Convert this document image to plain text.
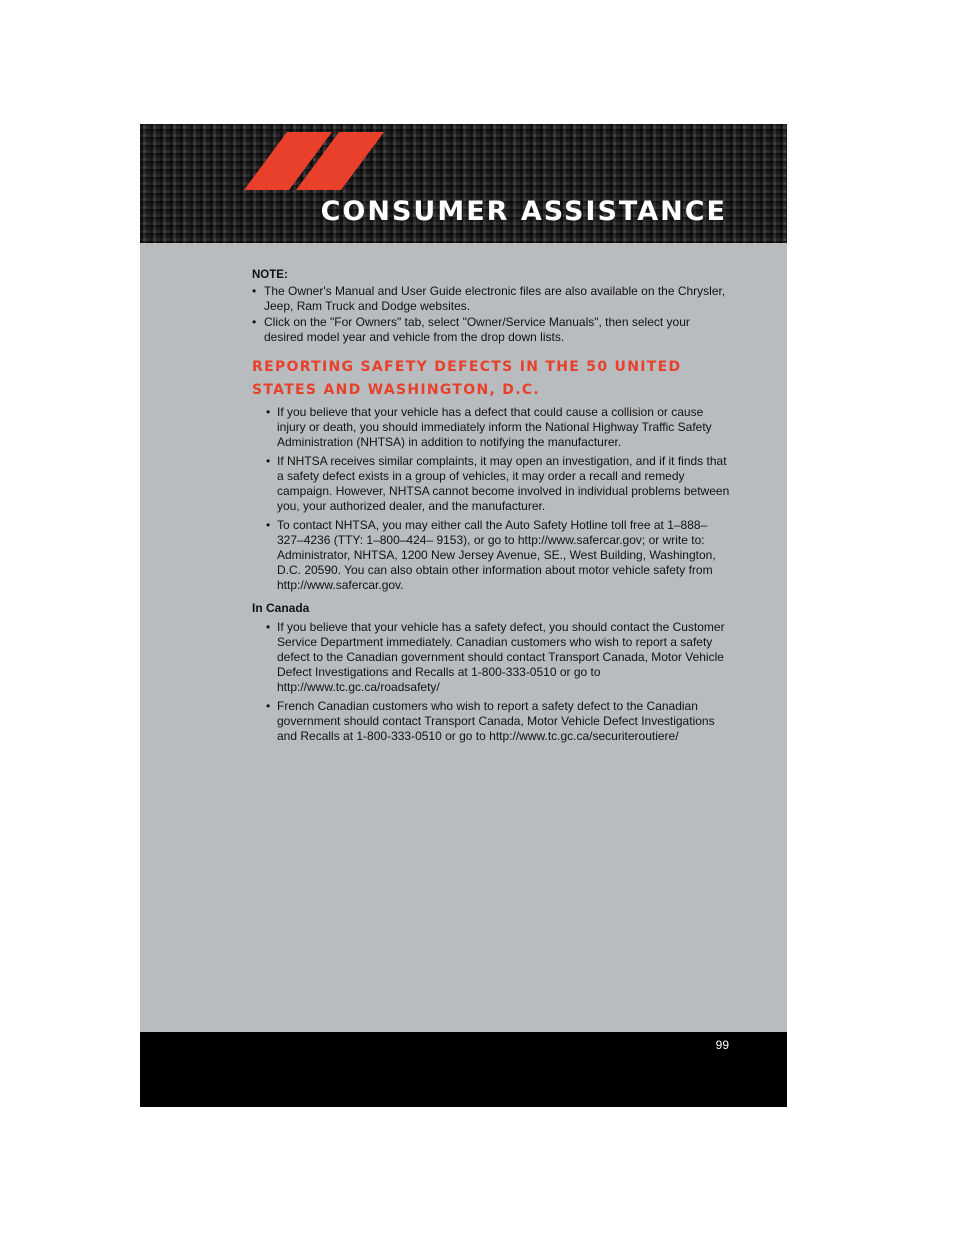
CONSUMER ASSISTANCE
NOTE:
• The Owner's Manual and User Guide electronic files are also available on the Chrysler, Jeep, Ram Truck and Dodge websites.
• Click on the "For Owners" tab, select "Owner/Service Manuals", then select your desired model year and vehicle from the drop down lists.
REPORTING SAFETY DEFECTS IN THE 50 UNITED STATES AND WASHINGTON, D.C.
• If you believe that your vehicle has a defect that could cause a collision or cause injury or death, you should immediately inform the National Highway Traffic Safety Administration (NHTSA) in addition to notifying the manufacturer.
• If NHTSA receives similar complaints, it may open an investigation, and if it finds that a safety defect exists in a group of vehicles, it may order a recall and remedy campaign. However, NHTSA cannot become involved in individual problems between you, your authorized dealer, and the manufacturer.
• To contact NHTSA, you may either call the Auto Safety Hotline toll free at 1–888–327–4236 (TTY: 1–800–424– 9153), or go to http://www.safercar.gov; or write to: Administrator, NHTSA, 1200 New Jersey Avenue, SE., West Building, Washington, D.C. 20590. You can also obtain other information about motor vehicle safety from http://www.safercar.gov.
In Canada
• If you believe that your vehicle has a safety defect, you should contact the Customer Service Department immediately. Canadian customers who wish to report a safety defect to the Canadian government should contact Transport Canada, Motor Vehicle Defect Investigations and Recalls at 1-800-333-0510 or go to http://www.tc.gc.ca/roadsafety/
• French Canadian customers who wish to report a safety defect to the Canadian government should contact Transport Canada, Motor Vehicle Defect Investigations and Recalls at 1-800-333-0510 or go to http://www.tc.gc.ca/securiteroutiere/
99
